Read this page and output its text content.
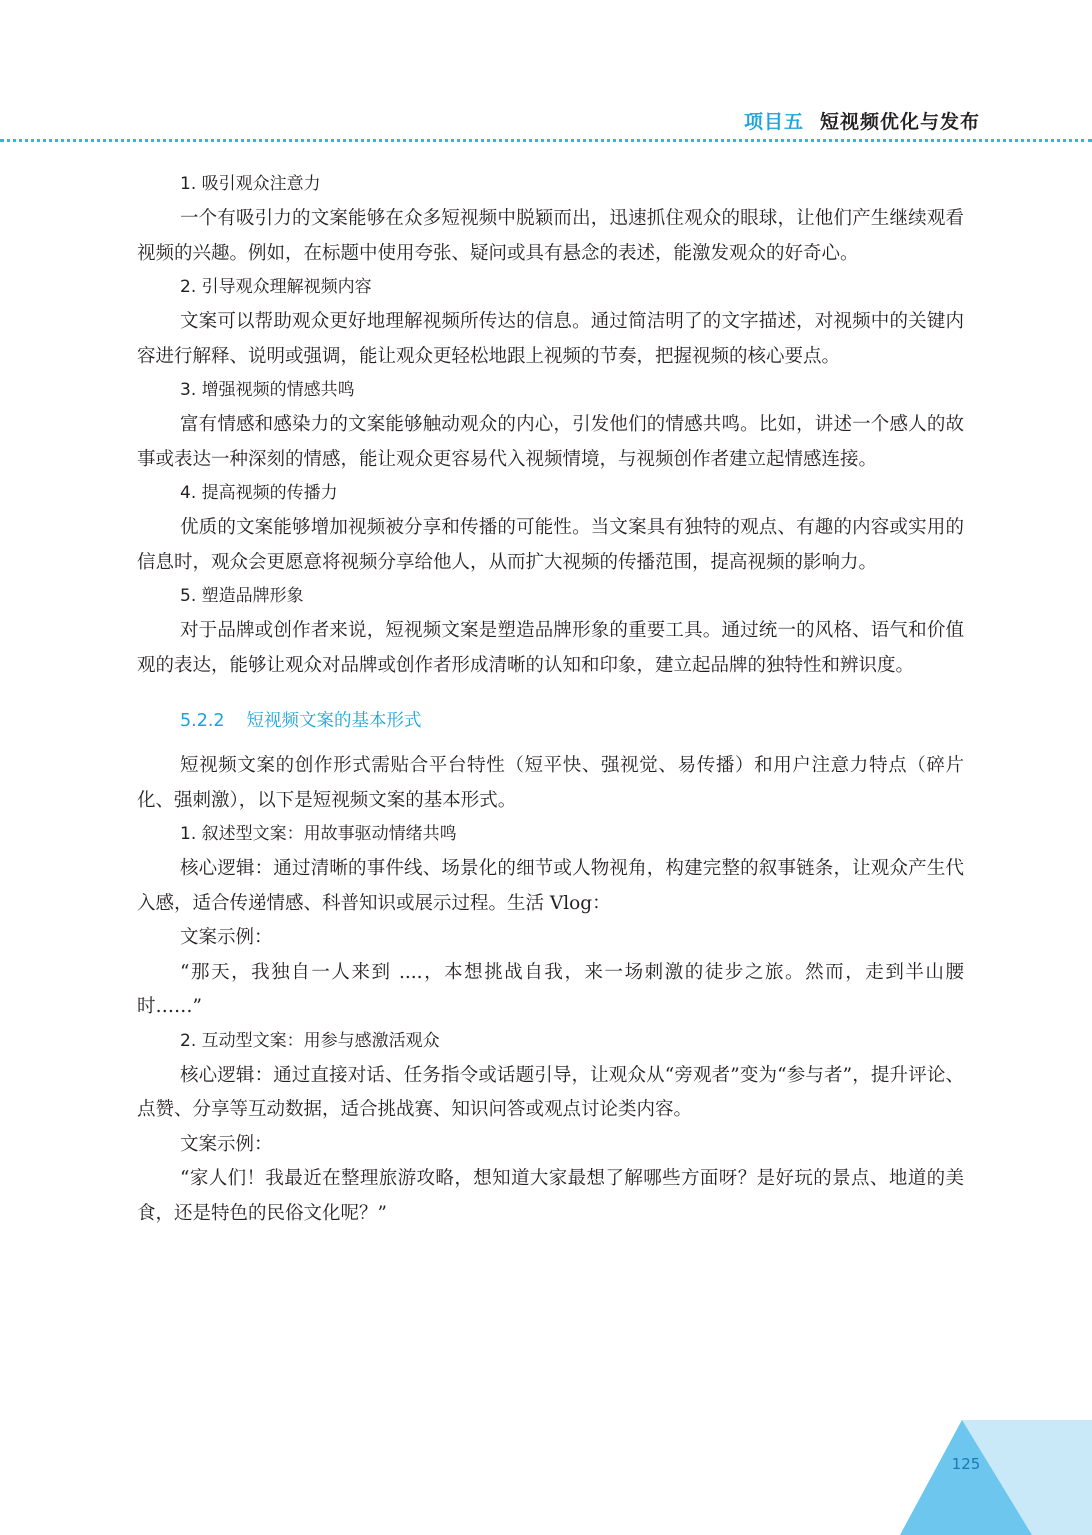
项目五 短视频优化与发布
1. 吸引观众注意力

一个有吸引力的文案能够在众多短视频中脱颖而出，迅速抓住观众的眼球，让他们产生继续观看视频的兴趣。例如，在标题中使用夸张、疑问或具有悬念的表述，能激发观众的好奇心。

2. 引导观众理解视频内容

文案可以帮助观众更好地理解视频所传达的信息。通过简洁明了的文字描述，对视频中的关键内容进行解释、说明或强调，能让观众更轻松地跟上视频的节奏，把握视频的核心要点。

3. 增强视频的情感共鸣

富有情感和感染力的文案能够触动观众的内心，引发他们的情感共鸣。比如，讲述一个感人的故事或表达一种深刻的情感，能让观众更容易代入视频情境，与视频创作者建立起情感连接。

4. 提高视频的传播力

优质的文案能够增加视频被分享和传播的可能性。当文案具有独特的观点、有趣的内容或实用的信息时，观众会更愿意将视频分享给他人，从而扩大视频的传播范围，提高视频的影响力。

5. 塑造品牌形象

对于品牌或创作者来说，短视频文案是塑造品牌形象的重要工具。通过统一的风格、语气和价值观的表达，能够让观众对品牌或创作者形成清晰的认知和印象，建立起品牌的独特性和辨识度。

5.2.2 短视频文案的基本形式

短视频文案的创作形式需贴合平台特性（短平快、强视觉、易传播）和用户注意力特点（碎片化、强刺激），以下是短视频文案的基本形式。

1. 叙述型文案：用故事驱动情绪共鸣

核心逻辑：通过清晰的事件线、场景化的细节或人物视角，构建完整的叙事链条，让观众产生代入感，适合传递情感、科普知识或展示过程。生活 Vlog：

文案示例：

“那天，我独自一人来到 ....，本想挑战自我，来一场刺激的徒步之旅。然而，走到半山腰时……”

2. 互动型文案：用参与感激活观众

核心逻辑：通过直接对话、任务指令或话题引导，让观众从“旁观者”变为“参与者”，提升评论、点赞、分享等互动数据，适合挑战赛、知识问答或观点讨论类内容。

文案示例：

“家人们！我最近在整理旅游攻略，想知道大家最想了解哪些方面呀？是好玩的景点、地道的美食，还是特色的民俗文化呢？”

125
